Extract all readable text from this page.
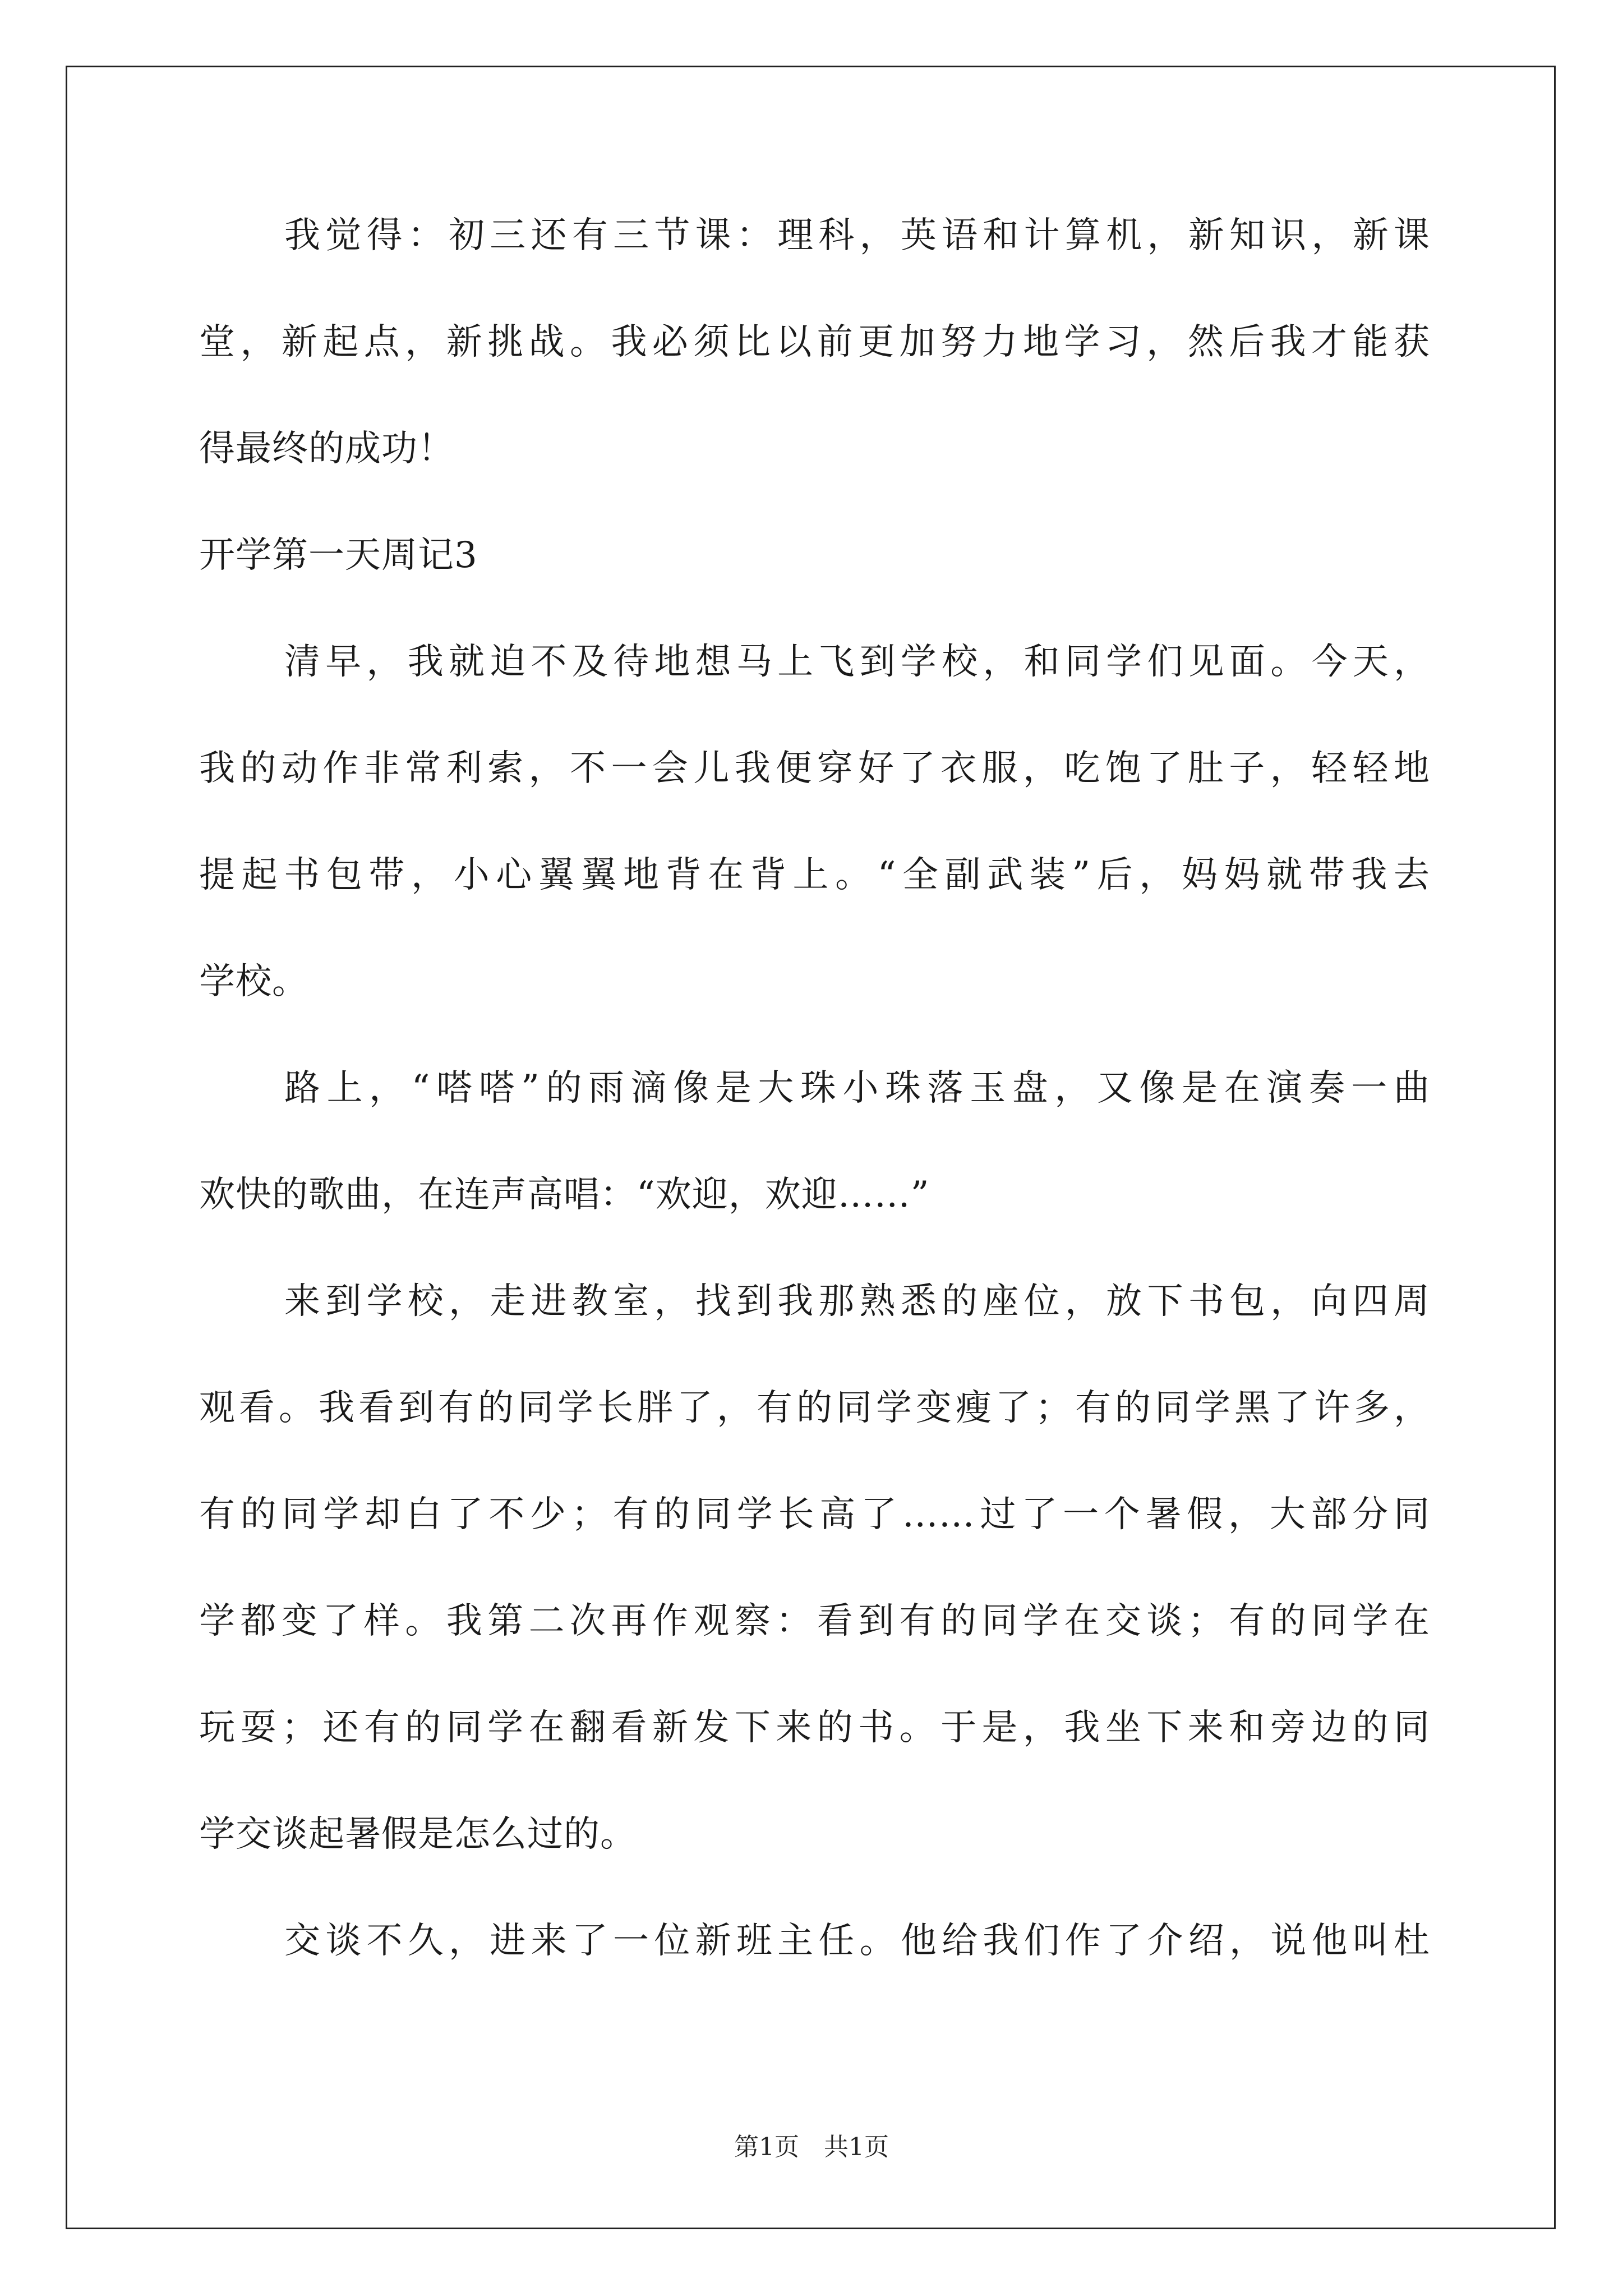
我觉得：初三还有三节课：理科，英语和计算机，新知识，新课
堂，新起点，新挑战。我必须比以前更加努力地学习，然后我才能获
得最终的成功！
开学第一天周记3
清早，我就迫不及待地想马上飞到学校，和同学们见面。今天，
我的动作非常利索，不一会儿我便穿好了衣服，吃饱了肚子，轻轻地
提起书包带，小心翼翼地背在背上。“全副武装”后，妈妈就带我去
学校。
路上，“嗒嗒”的雨滴像是大珠小珠落玉盘，又像是在演奏一曲
欢快的歌曲，在连声高唱：“欢迎，欢迎……”
来到学校，走进教室，找到我那熟悉的座位，放下书包，向四周
观看。我看到有的同学长胖了，有的同学变瘦了；有的同学黑了许多，
有的同学却白了不少；有的同学长高了……过了一个暑假，大部分同
学都变了样。我第二次再作观察：看到有的同学在交谈；有的同学在
玩耍；还有的同学在翻看新发下来的书。于是，我坐下来和旁边的同
学交谈起暑假是怎么过的。
交谈不久，进来了一位新班主任。他给我们作了介绍，说他叫杜
第1页　共1页
